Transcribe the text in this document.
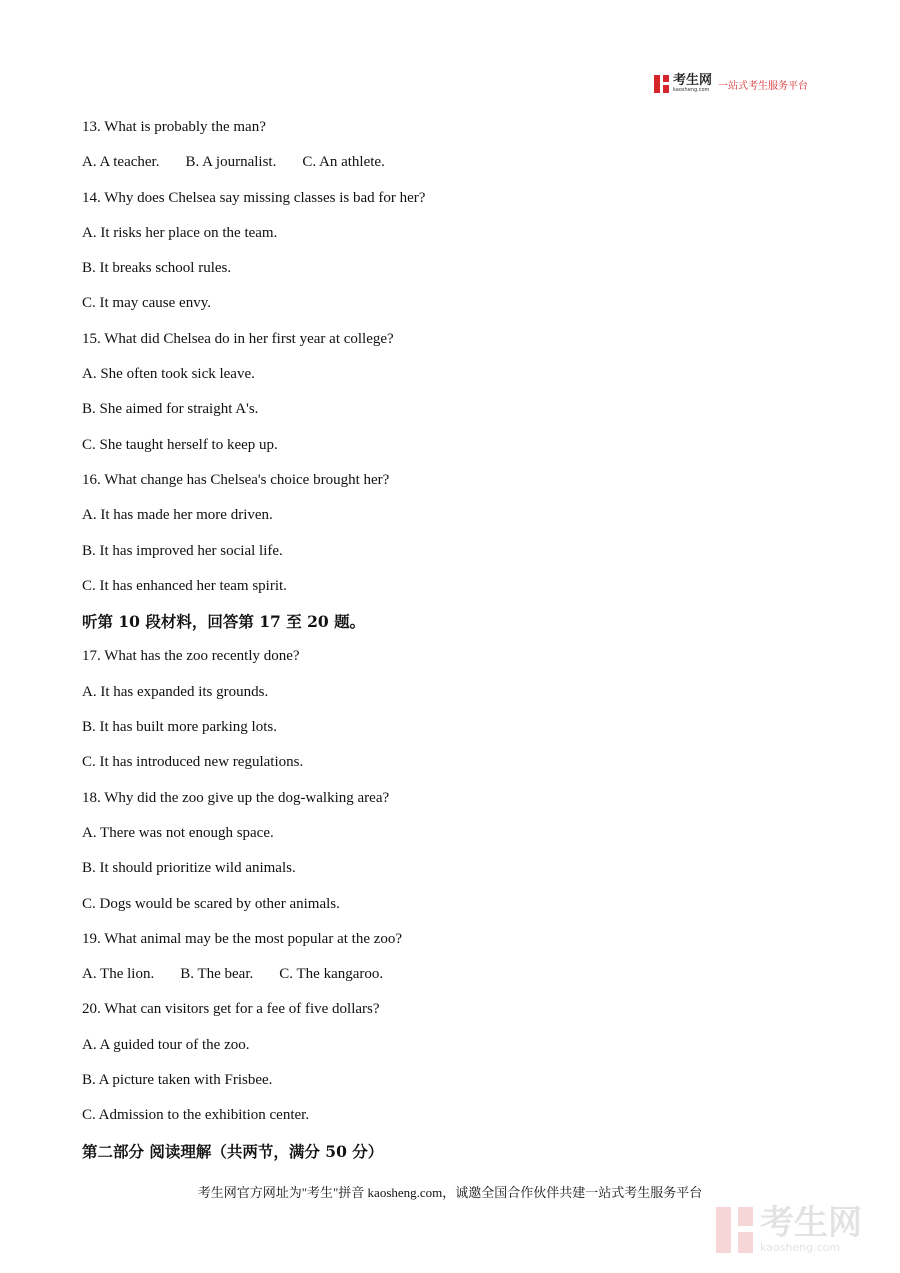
考生网
kaosheng.com 一站式考生服务平台
13. What is probably the man?
A. A teacher. B. A journalist. C. An athlete.
14. Why does Chelsea say missing classes is bad for her?
A. It risks her place on the team.
B. It breaks school rules.
C. It may cause envy.
15. What did Chelsea do in her first year at college?
A. She often took sick leave.
B. She aimed for straight A's.
C. She taught herself to keep up.
16. What change has Chelsea's choice brought her?
A. It has made her more driven.
B. It has improved her social life.
C. It has enhanced her team spirit.
听第 10 段材料，回答第 17 至 20 题。
17. What has the zoo recently done?
A. It has expanded its grounds.
B. It has built more parking lots.
C. It has introduced new regulations.
18. Why did the zoo give up the dog-walking area?
A. There was not enough space.
B. It should prioritize wild animals.
C. Dogs would be scared by other animals.
19. What animal may be the most popular at the zoo?
A. The lion. B. The bear. C. The kangaroo.
20. What can visitors get for a fee of five dollars?
A. A guided tour of the zoo.
B. A picture taken with Frisbee.
C. Admission to the exhibition center.
第二部分 阅读理解（共两节，满分 50 分）
考生网官方网址为"考生"拼音 kaosheng.com，诚邀全国合作伙伴共建一站式考生服务平台
考生网
kaosheng.com
